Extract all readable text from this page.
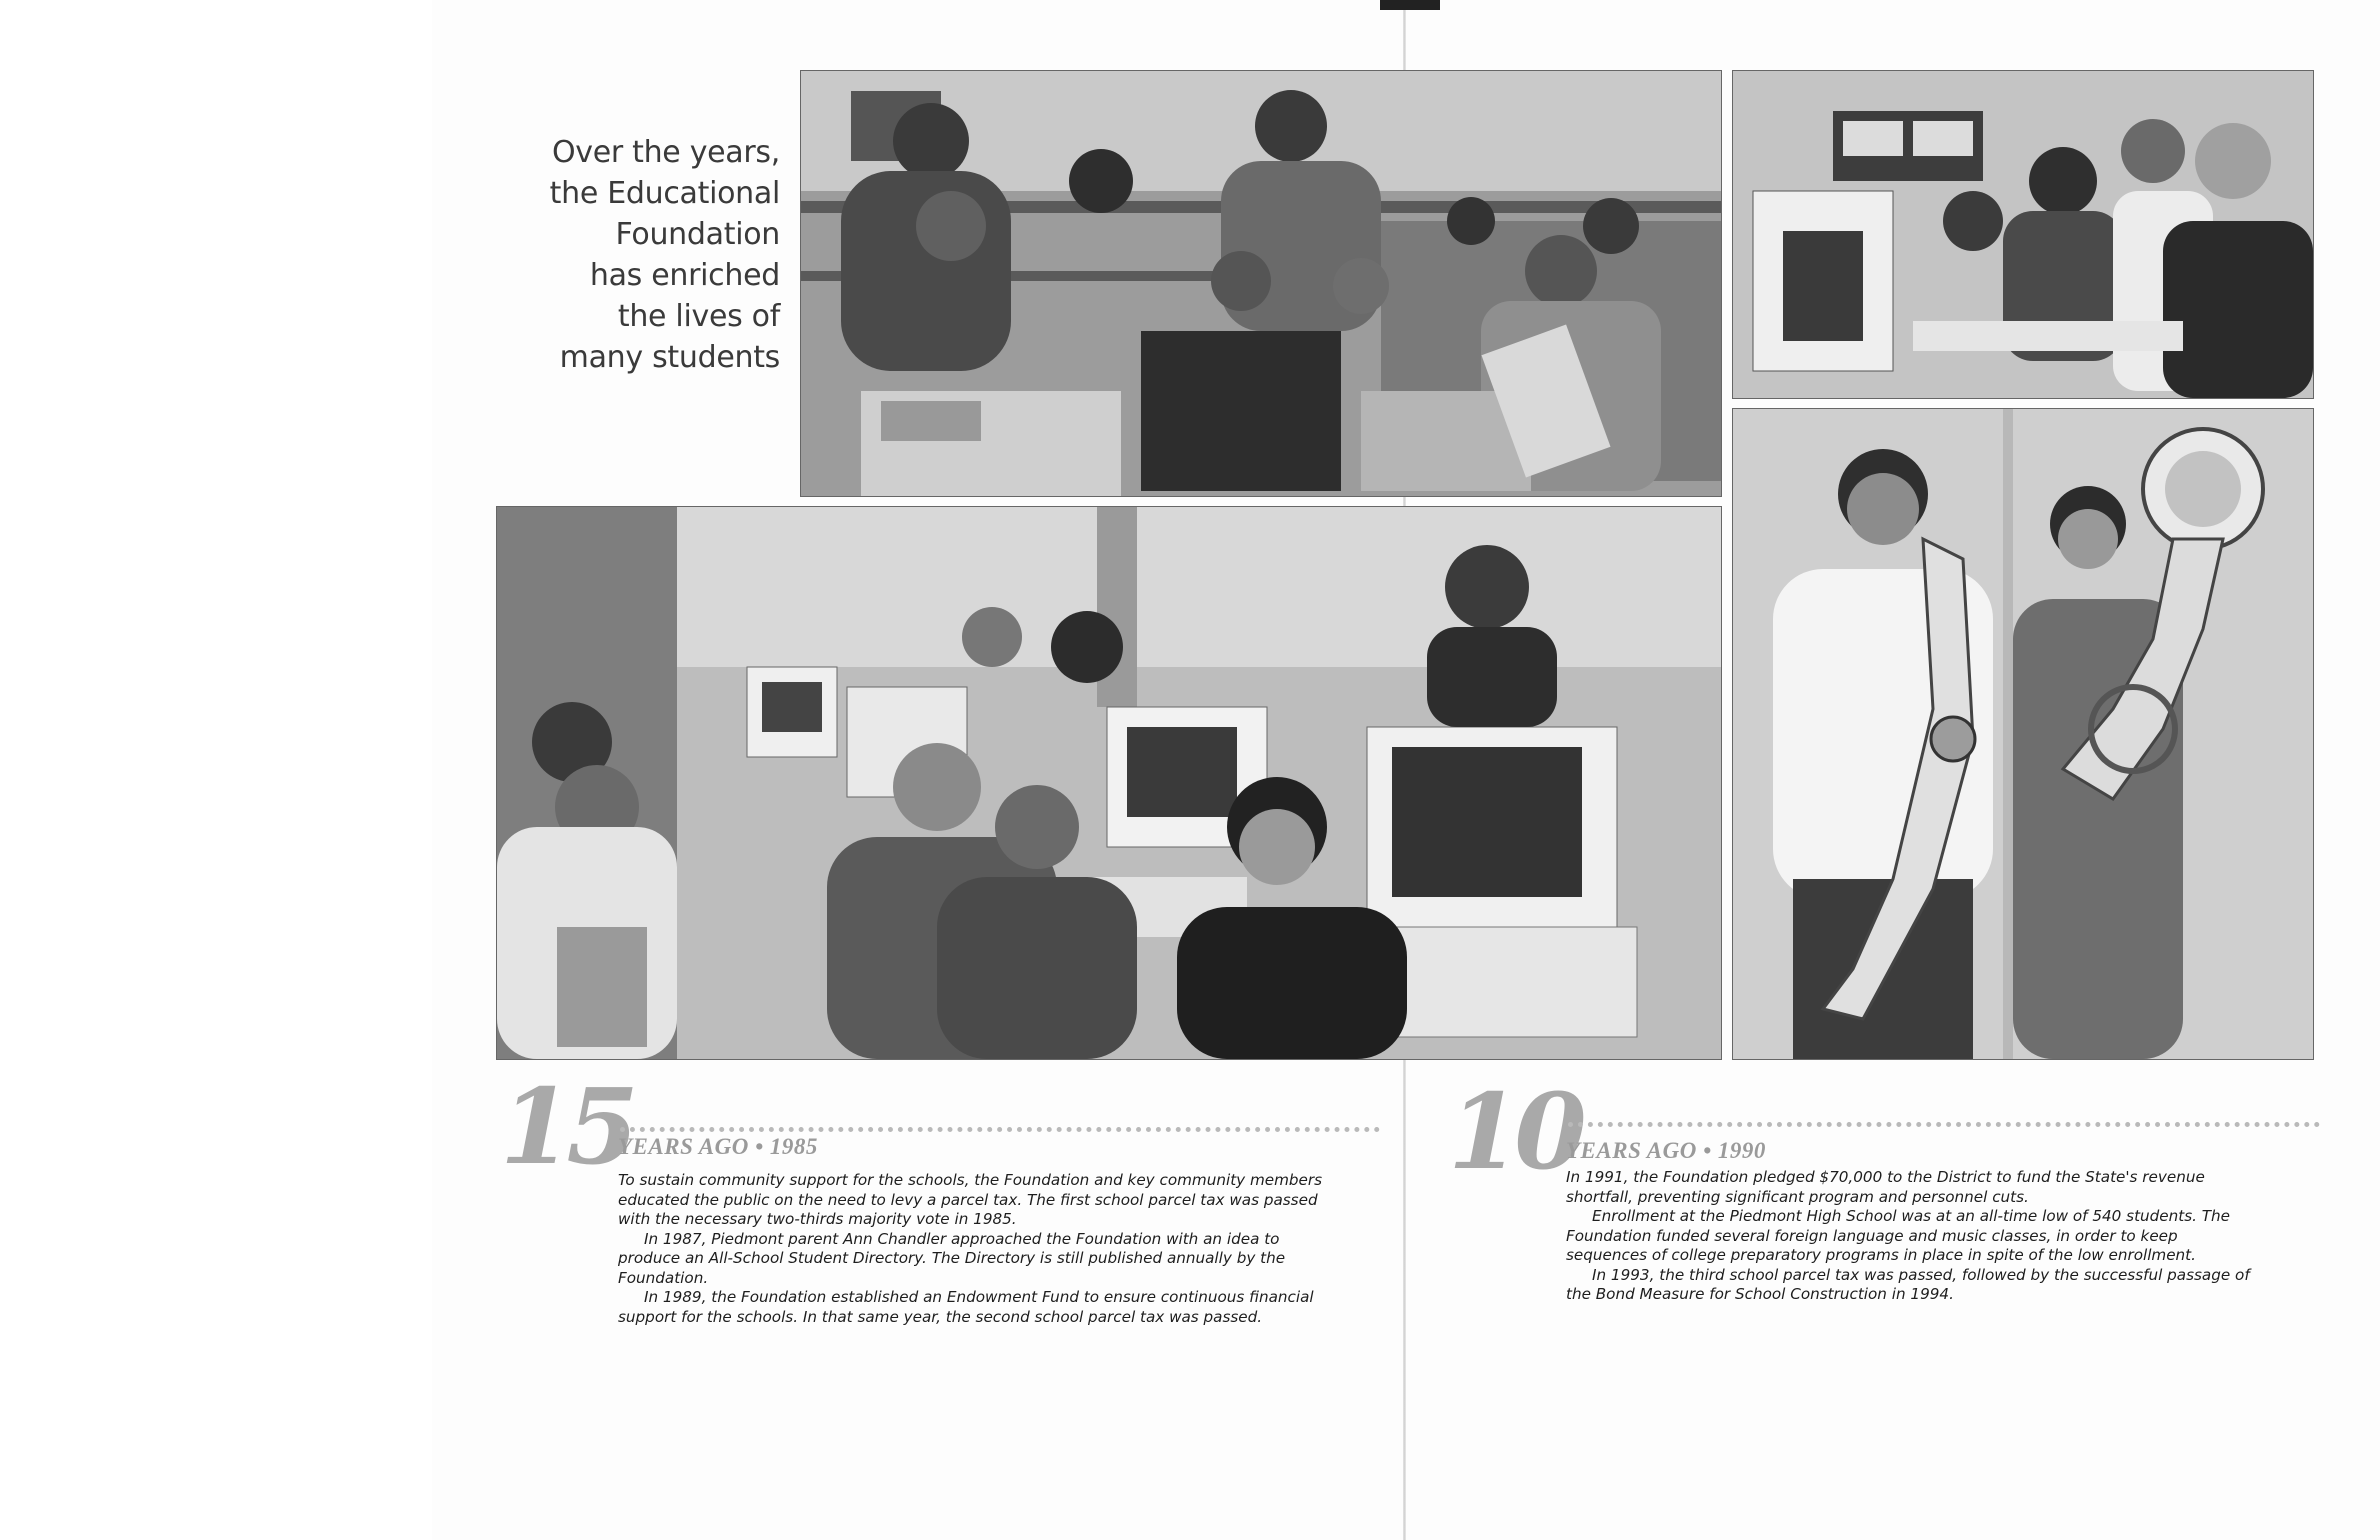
Over the years,
the Educational
Foundation
has enriched
the lives of
many students
15
YEARS AGO • 1985

To sustain community support for the schools, the Foundation and key community members educated the public on the need to levy a parcel tax. The first school parcel tax was passed with the necessary two-thirds majority vote in 1985.

In 1987, Piedmont parent Ann Chandler approached the Foundation with an idea to produce an All-School Student Directory. The Directory is still published annually by the Foundation.

In 1989, the Foundation established an Endowment Fund to ensure continuous financial support for the schools. In that same year, the second school parcel tax was passed.

10
YEARS AGO • 1990

In 1991, the Foundation pledged $70,000 to the District to fund the State's revenue shortfall, preventing significant program and personnel cuts.

Enrollment at the Piedmont High School was at an all-time low of 540 students. The Foundation funded several foreign language and music classes, in order to keep sequences of college preparatory programs in place in spite of the low enrollment.

In 1993, the third school parcel tax was passed, followed by the successful passage of the Bond Measure for School Construction in 1994.
